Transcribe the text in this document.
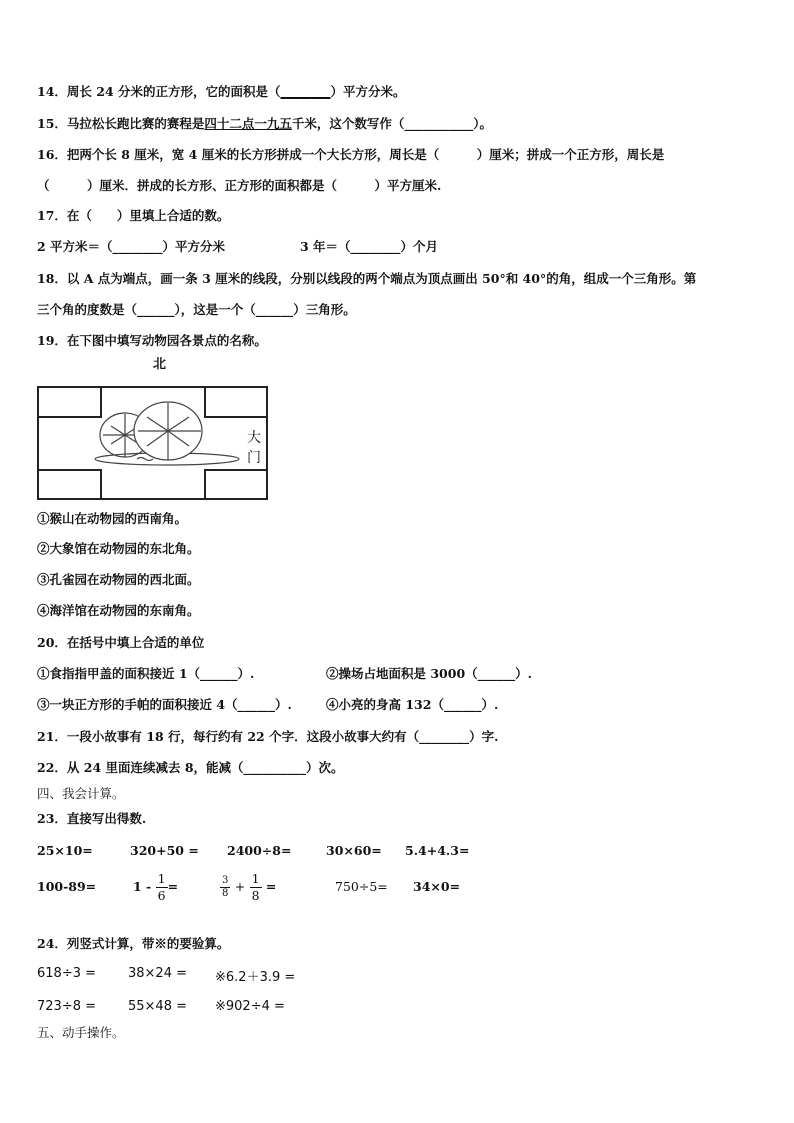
14．周长 24 分米的正方形，它的面积是（________）平方分米。
15．马拉松长跑比赛的赛程是四十二点一九五千米，这个数写作（___________）。
16．把两个长 8 厘米，宽 4 厘米的长方形拼成一个大长方形，周长是（　　　）厘米；拼成一个正方形，周长是
（　　　）厘米．拼成的长方形、正方形的面积都是（　　　）平方厘米.
17．在（　　）里填上合适的数。
2 平方米＝（________）平方分米	3 年＝（________）个月
18．以 A 点为端点，画一条 3 厘米的线段，分别以线段的两个端点为顶点画出 50°和 40°的角，组成一个三角形。第
三个角的度数是（______），这是一个（______）三角形。
19．在下图中填写动物园各景点的名称。
北
大门
①猴山在动物园的西南角。
②大象馆在动物园的东北角。
③孔雀园在动物园的西北面。
④海洋馆在动物园的东南角。
20．在括号中填上合适的单位
①食指指甲盖的面积接近 1（______）.	②操场占地面积是 3000（______）.
③一块正方形的手帕的面积接近 4（______）.	④小亮的身高 132（______）.
21．一段小故事有 18 行，每行约有 22 个字．这段小故事大约有（________）字.
22．从 24 里面连续减去 8，能减（__________）次。
四、我会计算。
23．直接写出得数.
25×10=	320+50 = 2400÷8=	30×60= 5.4+4.3=
100-89=	$1 - \frac{1}{6}$ =	$\frac{3}{8} + \frac{1}{8}$ =	750÷5= 34×0=
24．列竖式计算，带※的要验算。
618÷3 = 38×24 = ※6.2＋3.9 =
723÷8 = 55×48 = ※902÷4 =
五、动手操作。
